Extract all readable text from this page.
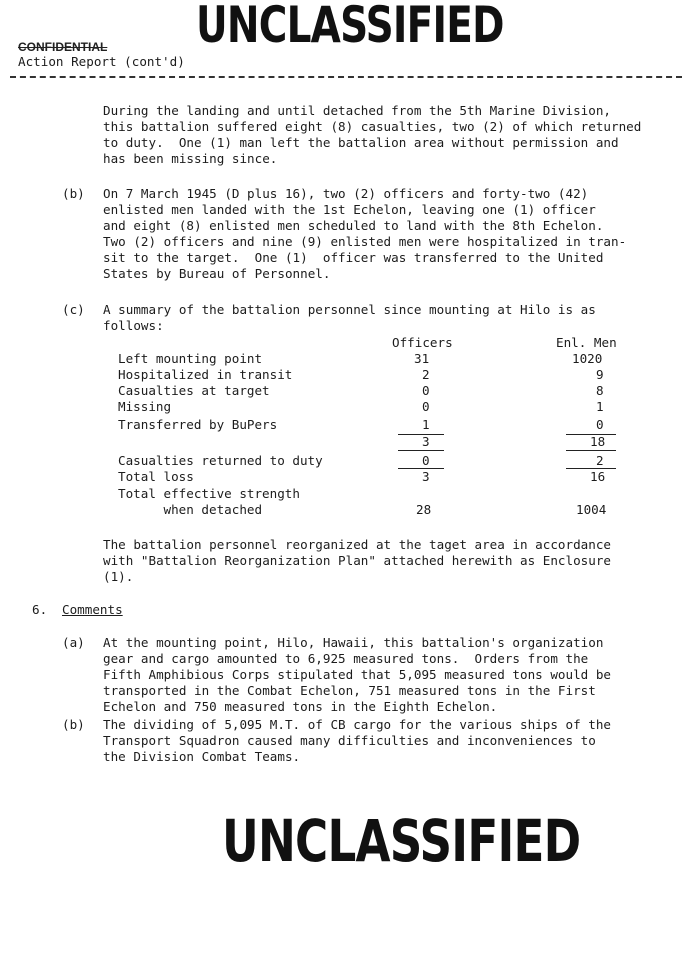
UNCLASSIFIED
CONFIDENTIAL
Action Report (cont'd)
During the landing and until detached from the 5th Marine Division,
this battalion suffered eight (8) casualties, two (2) of which returned
to duty.  One (1) man left the battalion area without permission and
has been missing since.
(b) On 7 March 1945 (D plus 16), two (2) officers and forty-two (42)
enlisted men landed with the 1st Echelon, leaving one (1) officer
and eight (8) enlisted men scheduled to land with the 8th Echelon.
Two (2) officers and nine (9) enlisted men were hospitalized in tran-
sit to the target.  One (1)  officer was transferred to the United
States by Bureau of Personnel.
(c) A summary of the battalion personnel since mounting at Hilo is as
follows:
Officers	Enl. Men
Left mounting point	31	1020
Hospitalized in transit	2	9
Casualties at target	0	8
Missing	0	1
Transferred by BuPers	1	0
3	18
Casualties returned to duty	0	2
Total loss	3	16
Total effective strength
when detached	28	1004
The battalion personnel reorganized at the taget area in accordance
with "Battalion Reorganization Plan" attached herewith as Enclosure
(1).
6. Comments
(a) At the mounting point, Hilo, Hawaii, this battalion's organization
gear and cargo amounted to 6,925 measured tons.  Orders from the
Fifth Amphibious Corps stipulated that 5,095 measured tons would be
transported in the Combat Echelon, 751 measured tons in the First
Echelon and 750 measured tons in the Eighth Echelon.
(b) The dividing of 5,095 M.T. of CB cargo for the various ships of the
Transport Squadron caused many difficulties and inconveniences to
the Division Combat Teams.
UNCLASSIFIED
